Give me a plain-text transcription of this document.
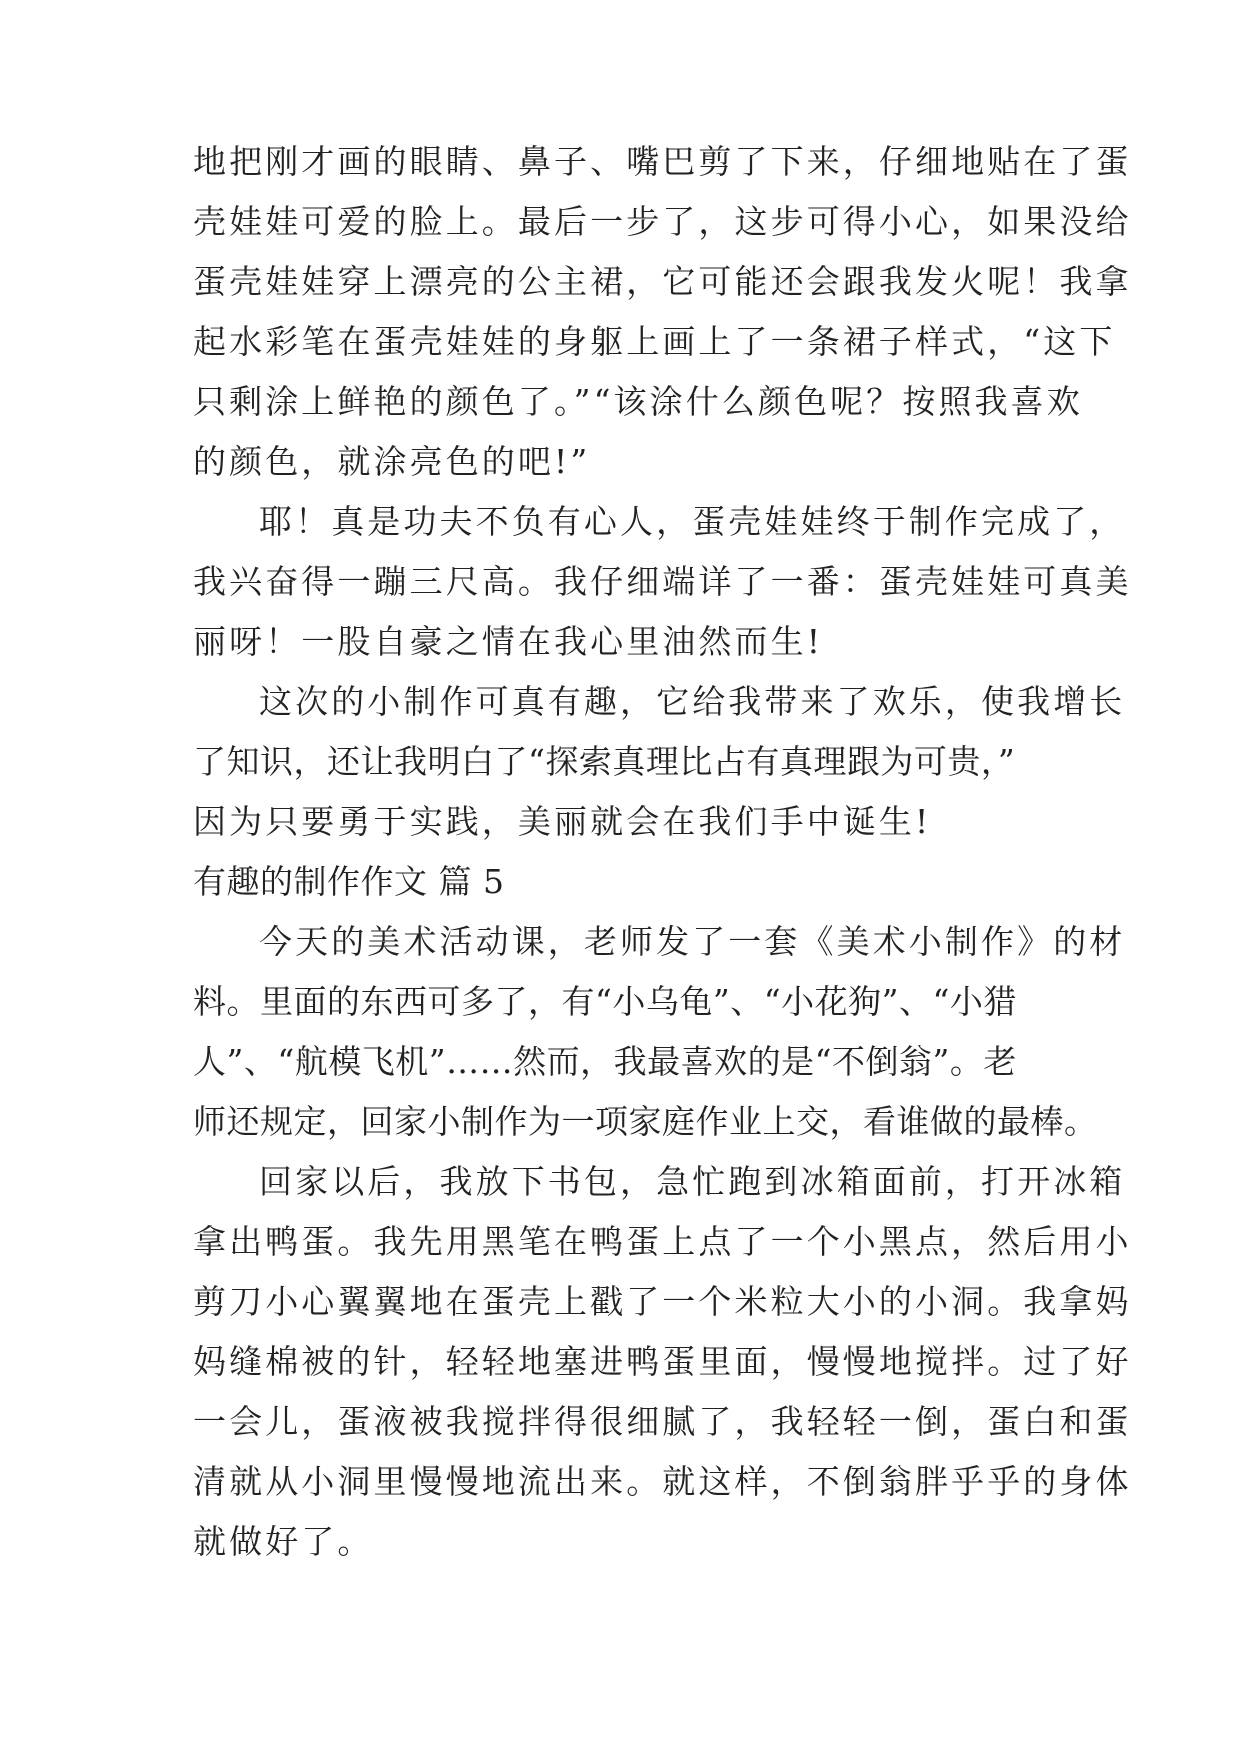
地把刚才画的眼睛、鼻子、嘴巴剪了下来，仔细地贴在了蛋
壳娃娃可爱的脸上。最后一步了，这步可得小心，如果没给
蛋壳娃娃穿上漂亮的公主裙，它可能还会跟我发火呢！我拿
起水彩笔在蛋壳娃娃的身躯上画上了一条裙子样式，“这下
只剩涂上鲜艳的颜色了。”“该涂什么颜色呢？按照我喜欢
的颜色，就涂亮色的吧!”
耶！真是功夫不负有心人，蛋壳娃娃终于制作完成了，
我兴奋得一蹦三尺高。我仔细端详了一番：蛋壳娃娃可真美
丽呀！一股自豪之情在我心里油然而生!
这次的小制作可真有趣，它给我带来了欢乐，使我增长
了知识，还让我明白了“探索真理比占有真理跟为可贵，”
因为只要勇于实践，美丽就会在我们手中诞生!
有趣的制作作文 篇 5
今天的美术活动课，老师发了一套《美术小制作》的材
料。里面的东西可多了，有“小乌龟”、“小花狗”、“小猎
人”、“航模飞机”……然而，我最喜欢的是“不倒翁”。老
师还规定，回家小制作为一项家庭作业上交，看谁做的最棒。
回家以后，我放下书包，急忙跑到冰箱面前，打开冰箱
拿出鸭蛋。我先用黑笔在鸭蛋上点了一个小黑点，然后用小
剪刀小心翼翼地在蛋壳上戳了一个米粒大小的小洞。我拿妈
妈缝棉被的针，轻轻地塞进鸭蛋里面，慢慢地搅拌。过了好
一会儿，蛋液被我搅拌得很细腻了，我轻轻一倒，蛋白和蛋
清就从小洞里慢慢地流出来。就这样，不倒翁胖乎乎的身体
就做好了。
